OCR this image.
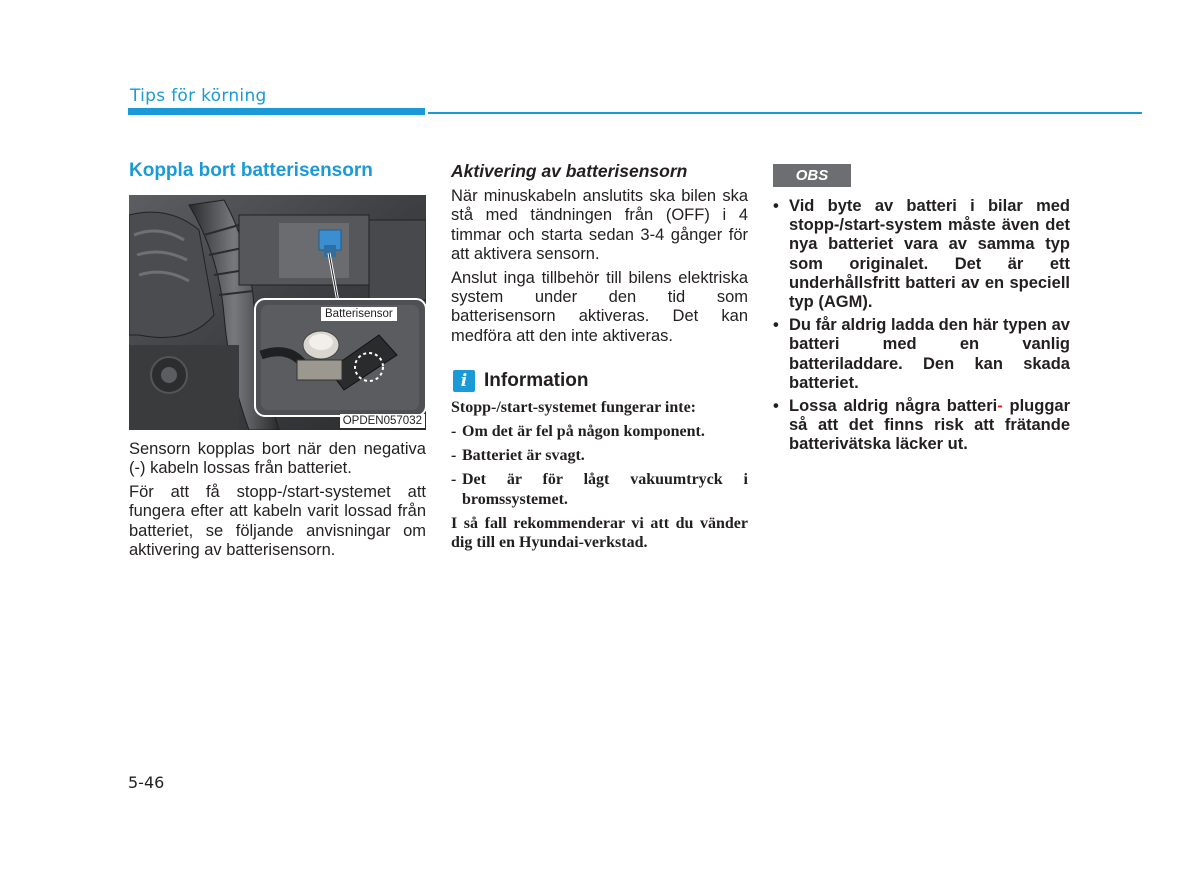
Tips för körning
Koppla bort batterisensorn
Batterisensor
OPDEN057032

Sensorn kopplas bort när den negativa (-) kabeln lossas från batteriet.

För att få stopp-/start-systemet att fungera efter att kabeln varit lossad från batteriet, se följande anvisningar om aktivering av batterisensorn.

Aktivering av batterisensorn

När minuskabeln anslutits ska bilen ska stå med tändningen från (OFF) i 4 timmar och starta sedan 3-4 gånger för att aktivera sensorn.

Anslut inga tillbehör till bilens elektriska system under den tid som batterisensorn aktiveras. Det kan medföra att den inte aktiveras.

i Information

Stopp-/start-systemet fungerar inte:

- Om det är fel på någon komponent.

- Batteriet är svagt.

- Det är för lågt vakuumtryck i bromssystemet.

I så fall rekommenderar vi att du vänder dig till en Hyundai-verkstad.

OBS
• Vid byte av batteri i bilar med stopp-/start-system måste även det nya batteriet vara av samma typ som originalet. Det är ett underhållsfritt batteri av en speciell typ (AGM).
• Du får aldrig ladda den här typen av batteri med en vanlig batteriladdare. Den kan skada batteriet.
• Lossa aldrig några batteri- pluggar så att det finns risk att frätande batterivätska läcker ut.
5-46
